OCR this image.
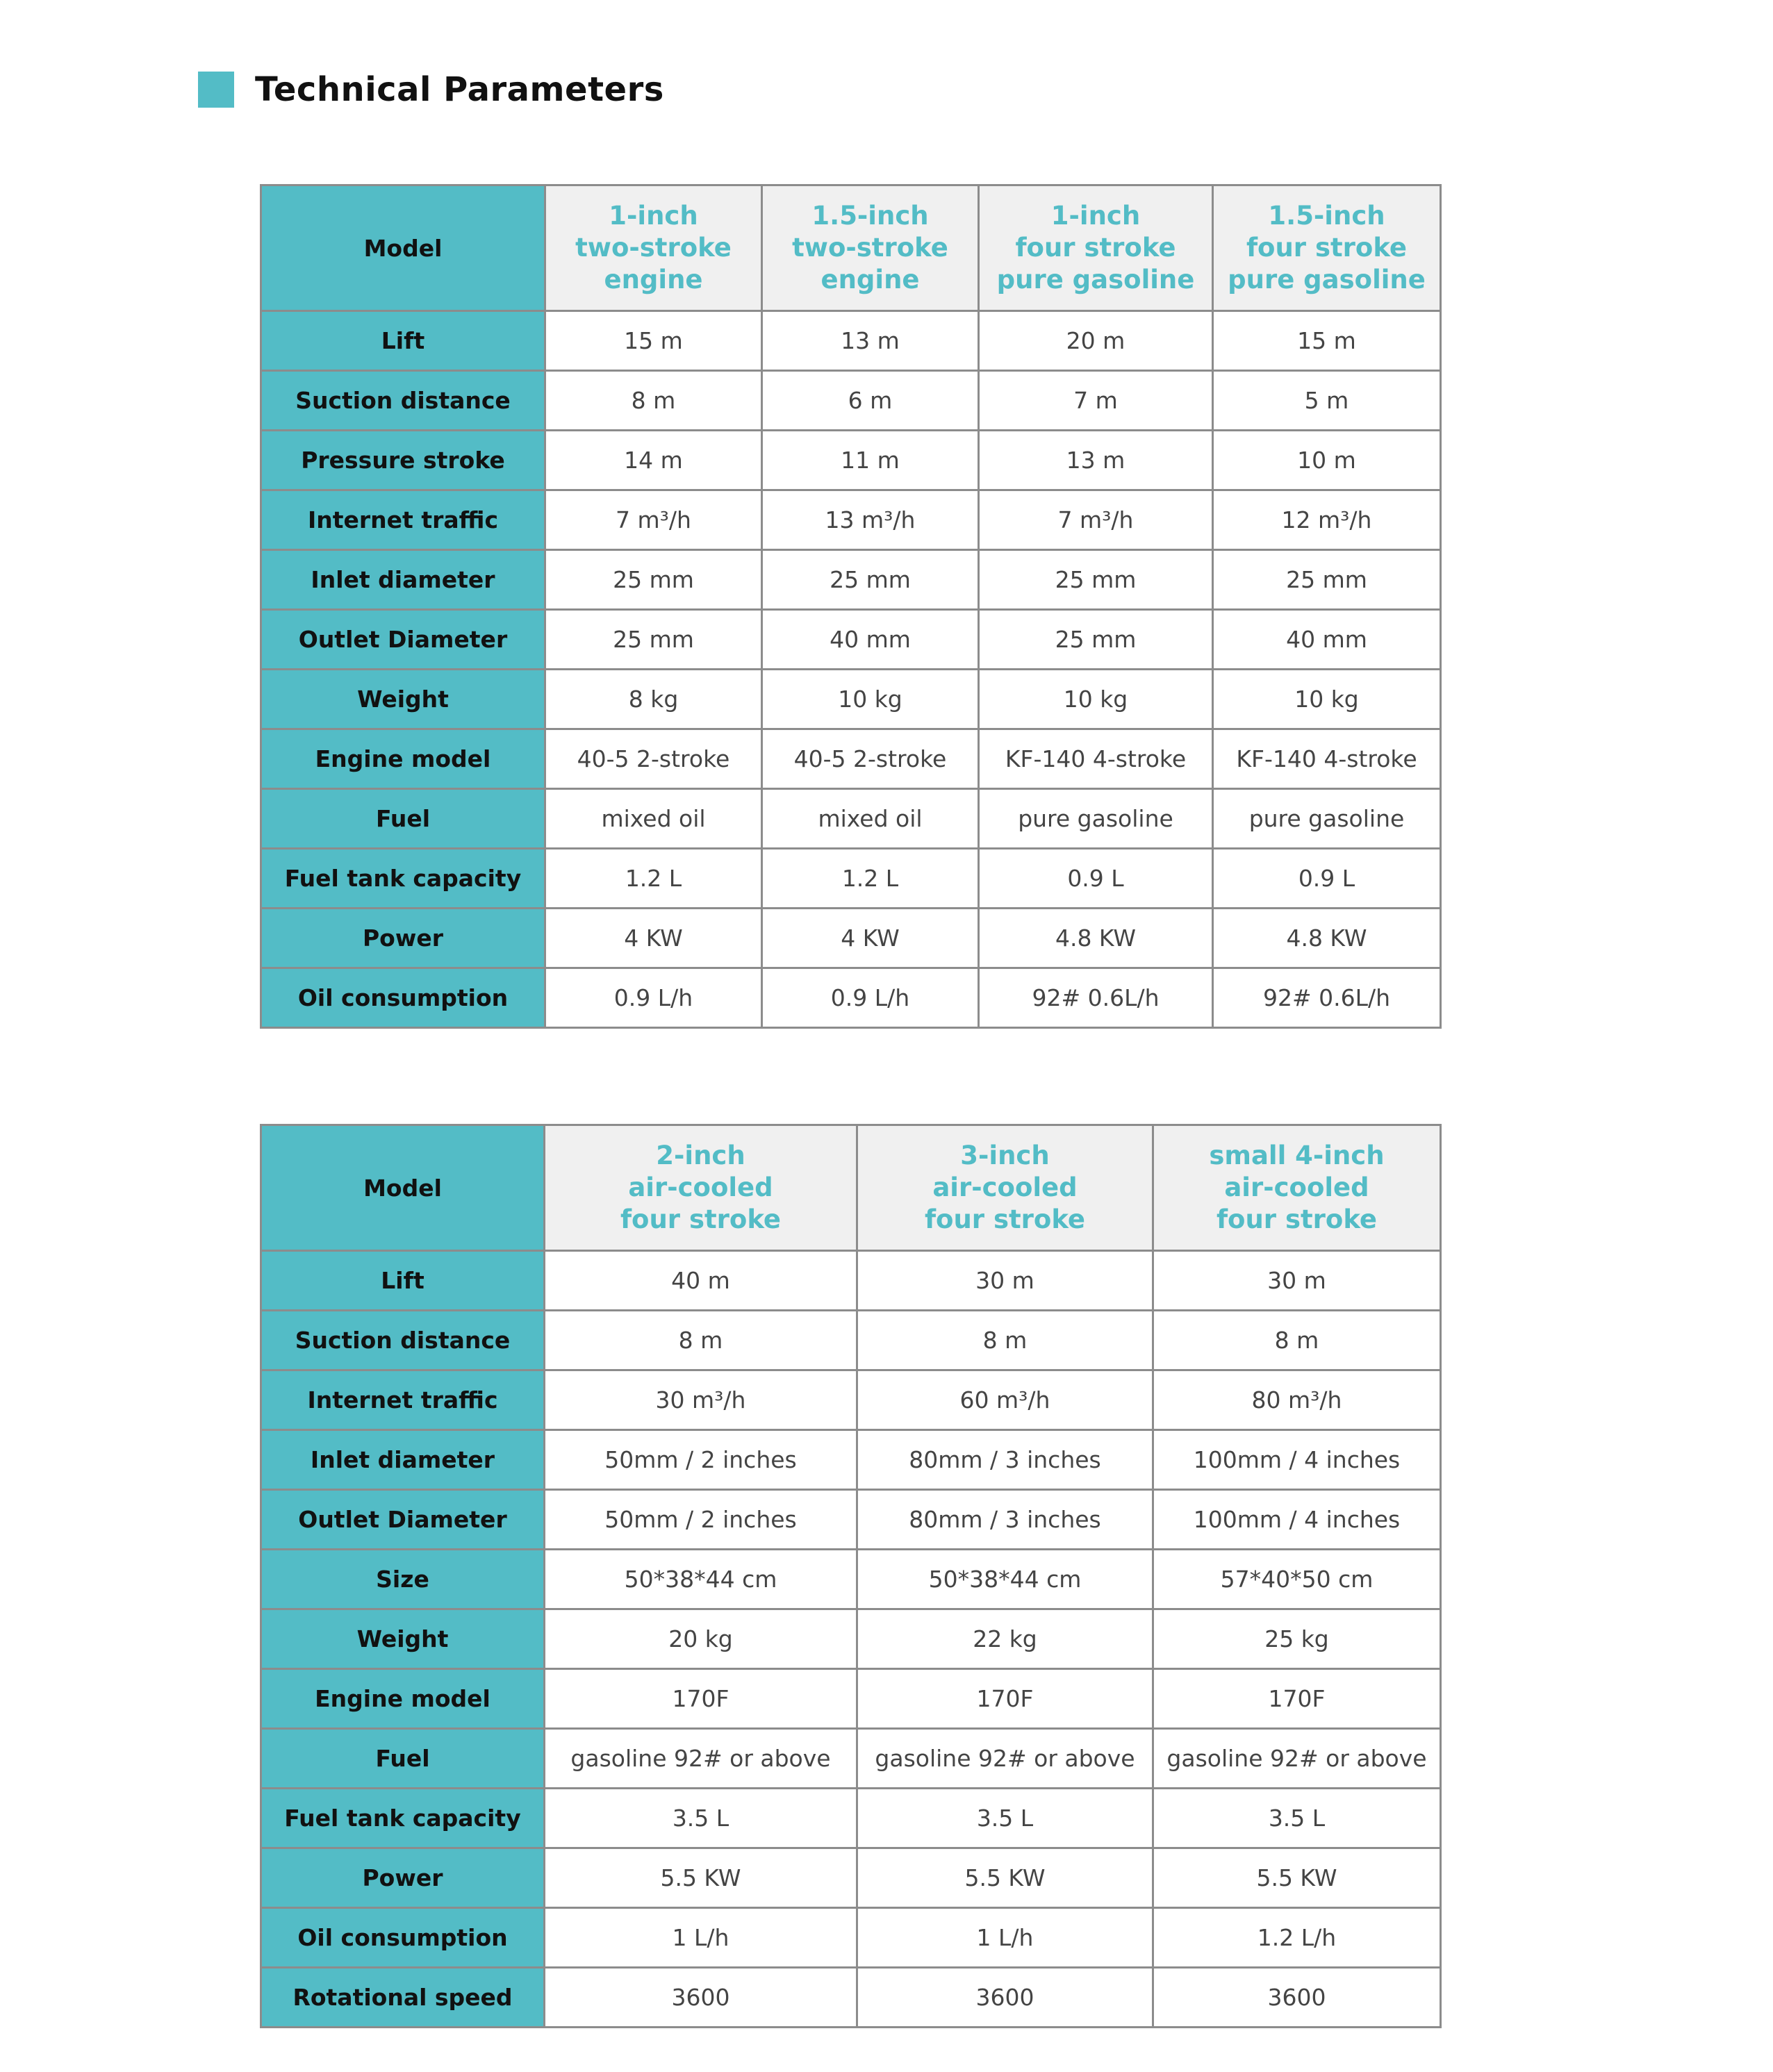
Technical Parameters
Model	1-inch
two-stroke
engine	1.5-inch
two-stroke
engine	1-inch
four stroke
pure gasoline	1.5-inch
four stroke
pure gasoline

Lift	15 m	13 m	20 m	15 m
Suction distance	8 m	6 m	7 m	5 m
Pressure stroke	14 m	11 m	13 m	10 m
Internet traffic	7 m³/h	13 m³/h	7 m³/h	12 m³/h
Inlet diameter	25 mm	25 mm	25 mm	25 mm
Outlet Diameter	25 mm	40 mm	25 mm	40 mm
Weight	8 kg	10 kg	10 kg	10 kg
Engine model	40-5 2-stroke	40-5 2-stroke	KF-140 4-stroke	KF-140 4-stroke
Fuel	mixed oil	mixed oil	pure gasoline	pure gasoline
Fuel tank capacity	1.2 L	1.2 L	0.9 L	0.9 L
Power	4 KW	4 KW	4.8 KW	4.8 KW
Oil consumption	0.9 L/h	0.9 L/h	92# 0.6L/h	92# 0.6L/h
Model	2-inch
air-cooled
four stroke	3-inch
air-cooled
four stroke	small 4-inch
air-cooled
four stroke

Lift	40 m	30 m	30 m
Suction distance	8 m	8 m	8 m
Internet traffic	30 m³/h	60 m³/h	80 m³/h
Inlet diameter	50mm / 2 inches	80mm / 3 inches	100mm / 4 inches
Outlet Diameter	50mm / 2 inches	80mm / 3 inches	100mm / 4 inches
Size	50*38*44 cm	50*38*44 cm	57*40*50 cm
Weight	20 kg	22 kg	25 kg
Engine model	170F	170F	170F
Fuel	gasoline 92# or above	gasoline 92# or above	gasoline 92# or above
Fuel tank capacity	3.5 L	3.5 L	3.5 L
Power	5.5 KW	5.5 KW	5.5 KW
Oil consumption	1 L/h	1 L/h	1.2 L/h
Rotational speed	3600	3600	3600
